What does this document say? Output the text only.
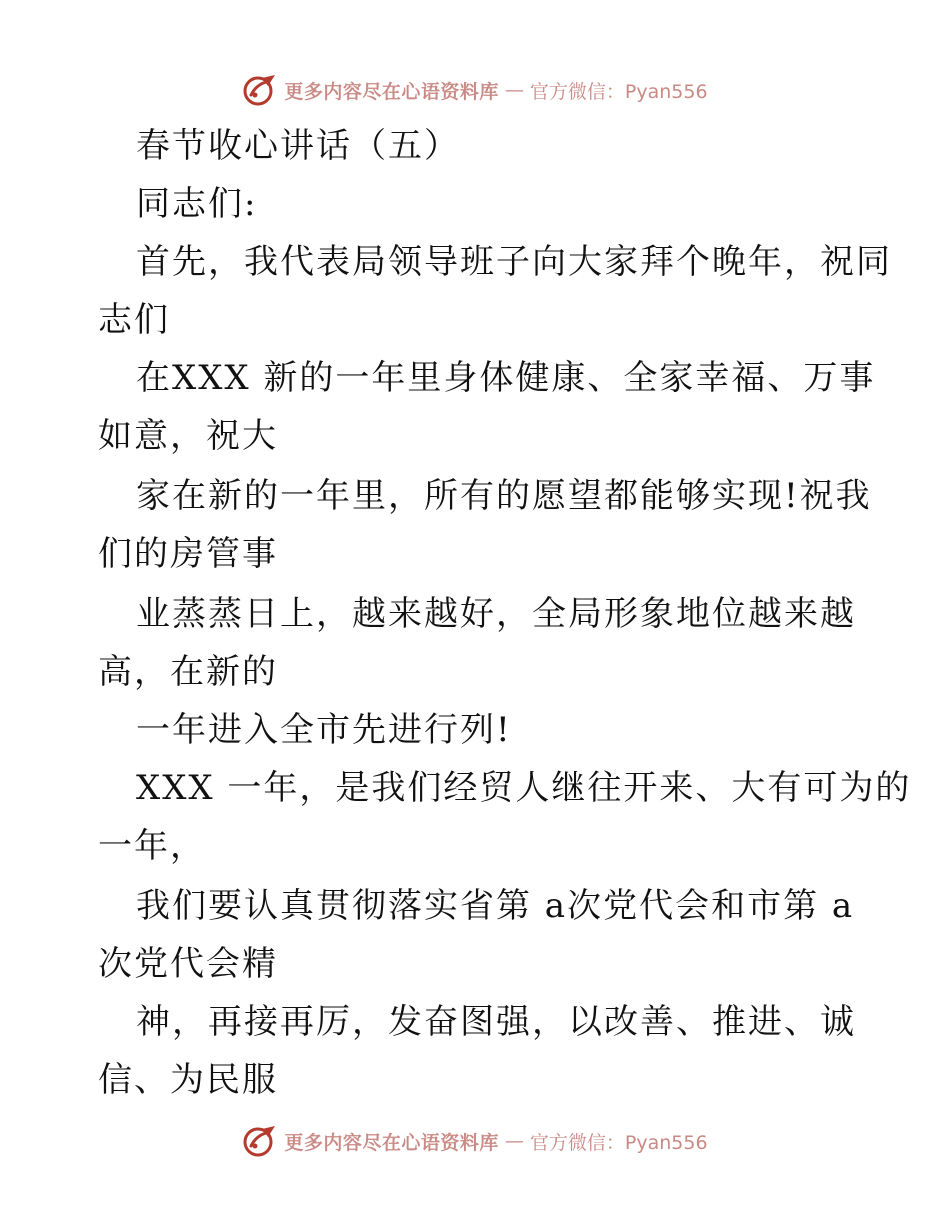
更多内容尽在心语资料库 — 官方微信：Pyan556
春节收心讲话（五）
同志们:
首先，我代表局领导班子向大家拜个晚年，祝同
志们
在XXX 新的一年里身体健康、全家幸福、万事
如意，祝大
家在新的一年里，所有的愿望都能够实现!祝我
们的房管事
业蒸蒸日上，越来越好，全局形象地位越来越
高，在新的
一年进入全市先进行列!
XXX 一年，是我们经贸人继往开来、大有可为的
一年，
我们要认真贯彻落实省第 a次党代会和市第 a
次党代会精
神，再接再厉，发奋图强，以改善、推进、诚
信、为民服
更多内容尽在心语资料库 — 官方微信：Pyan556
